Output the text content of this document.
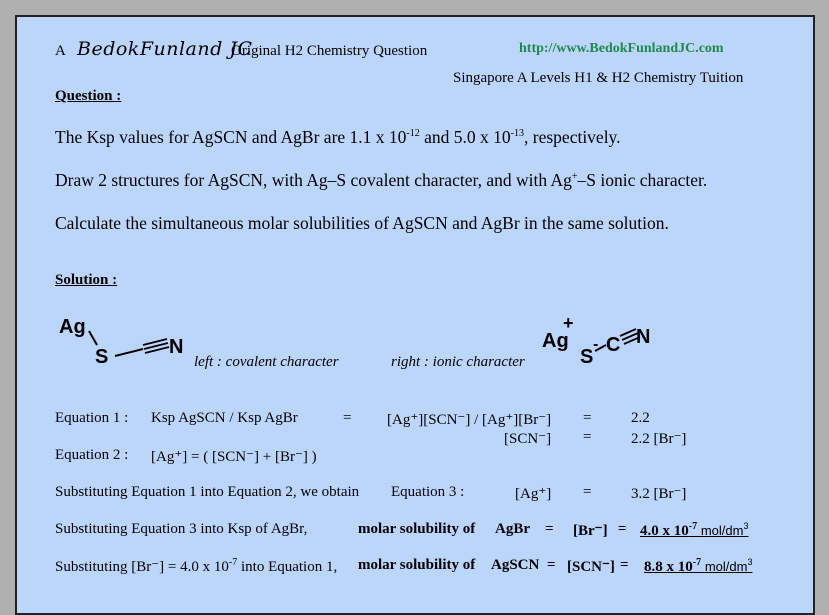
A BedokFunland JC
Original H2 Chemistry Question	http://www.BedokFunlandJC.com
Singapore A Levels H1 & H2 Chemistry Tuition
Question :
The Ksp values for AgSCN and AgBr are 1.1 x $10^{-12}$ and 5.0 x $10^{-13}$, respectively.
Draw 2 structures for AgSCN, with Ag–S covalent character, and with Ag+–S ionic character.
Calculate the simultaneous molar solubilities of AgSCN and AgBr in the same solution.
Solution :
Ag
S	N
left : covalent character	right : ionic character
Ag
+
S
- C N
Equation 1 : Ksp AgSCN / Ksp AgBr	= [Ag⁺][SCN⁻] / [Ag⁺][Br⁻] =	2.2
[SCN⁻] =	2.2 [Br⁻]
Equation 2 : [Ag⁺] = ( [SCN⁻] + [Br⁻] )
Substituting Equation 1 into Equation 2, we obtain Equation 3 :	[Ag⁺] =	3.2 [Br⁻]
Substituting Equation 3 into Ksp of AgBr,	molar solubility of AgBr = [Br⁻] = 4.0 x $10^{-7}$ mol/$dm^3$
Substituting [Br⁻] = 4.0 x $10^{-7}$ into Equation 1, molar solubility of AgSCN = [SCN⁻] = 8.8 x $10^{-7}$ mol/$dm^3$
